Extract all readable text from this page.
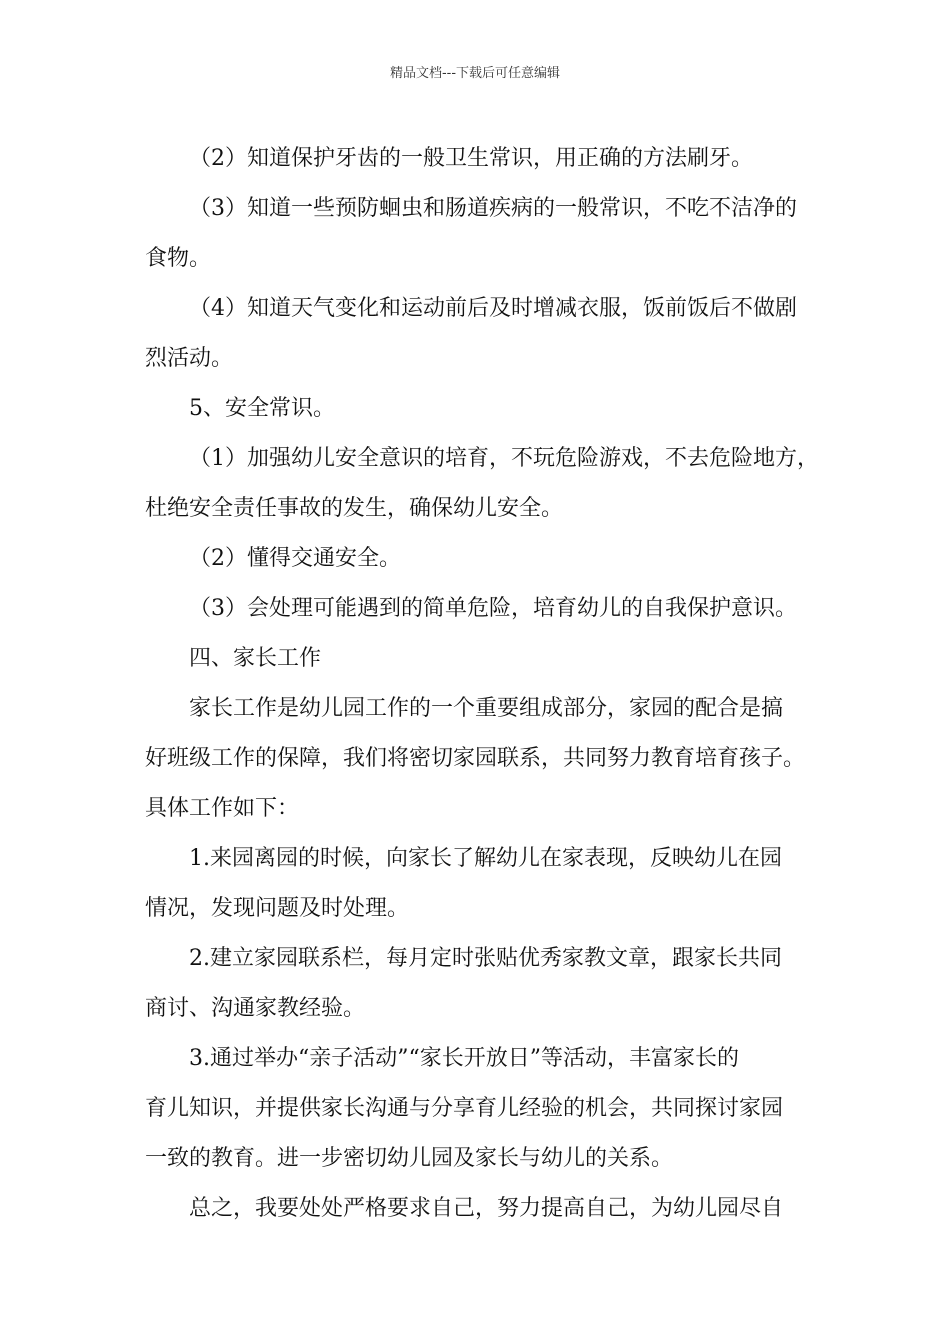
精品文档---下载后可任意编辑

（2）知道保护牙齿的一般卫生常识，用正确的方法刷牙。

（3）知道一些预防蛔虫和肠道疾病的一般常识，不吃不洁净的
食物。

（4）知道天气变化和运动前后及时增减衣服，饭前饭后不做剧
烈活动。

5、安全常识。

（1）加强幼儿安全意识的培育，不玩危险游戏，不去危险地方，
杜绝安全责任事故的发生，确保幼儿安全。

（2）懂得交通安全。

（3）会处理可能遇到的简单危险，培育幼儿的自我保护意识。

四、家长工作

家长工作是幼儿园工作的一个重要组成部分，家园的配合是搞
好班级工作的保障，我们将密切家园联系，共同努力教育培育孩子。
具体工作如下：

1.来园离园的时候，向家长了解幼儿在家表现，反映幼儿在园
情况，发现问题及时处理。

2.建立家园联系栏，每月定时张贴优秀家教文章，跟家长共同
商讨、沟通家教经验。

3.通过举办“亲子活动”“家长开放日”等活动，丰富家长的
育儿知识，并提供家长沟通与分享育儿经验的机会，共同探讨家园
一致的教育。进一步密切幼儿园及家长与幼儿的关系。

总之，我要处处严格要求自己，努力提高自己，为幼儿园尽自
